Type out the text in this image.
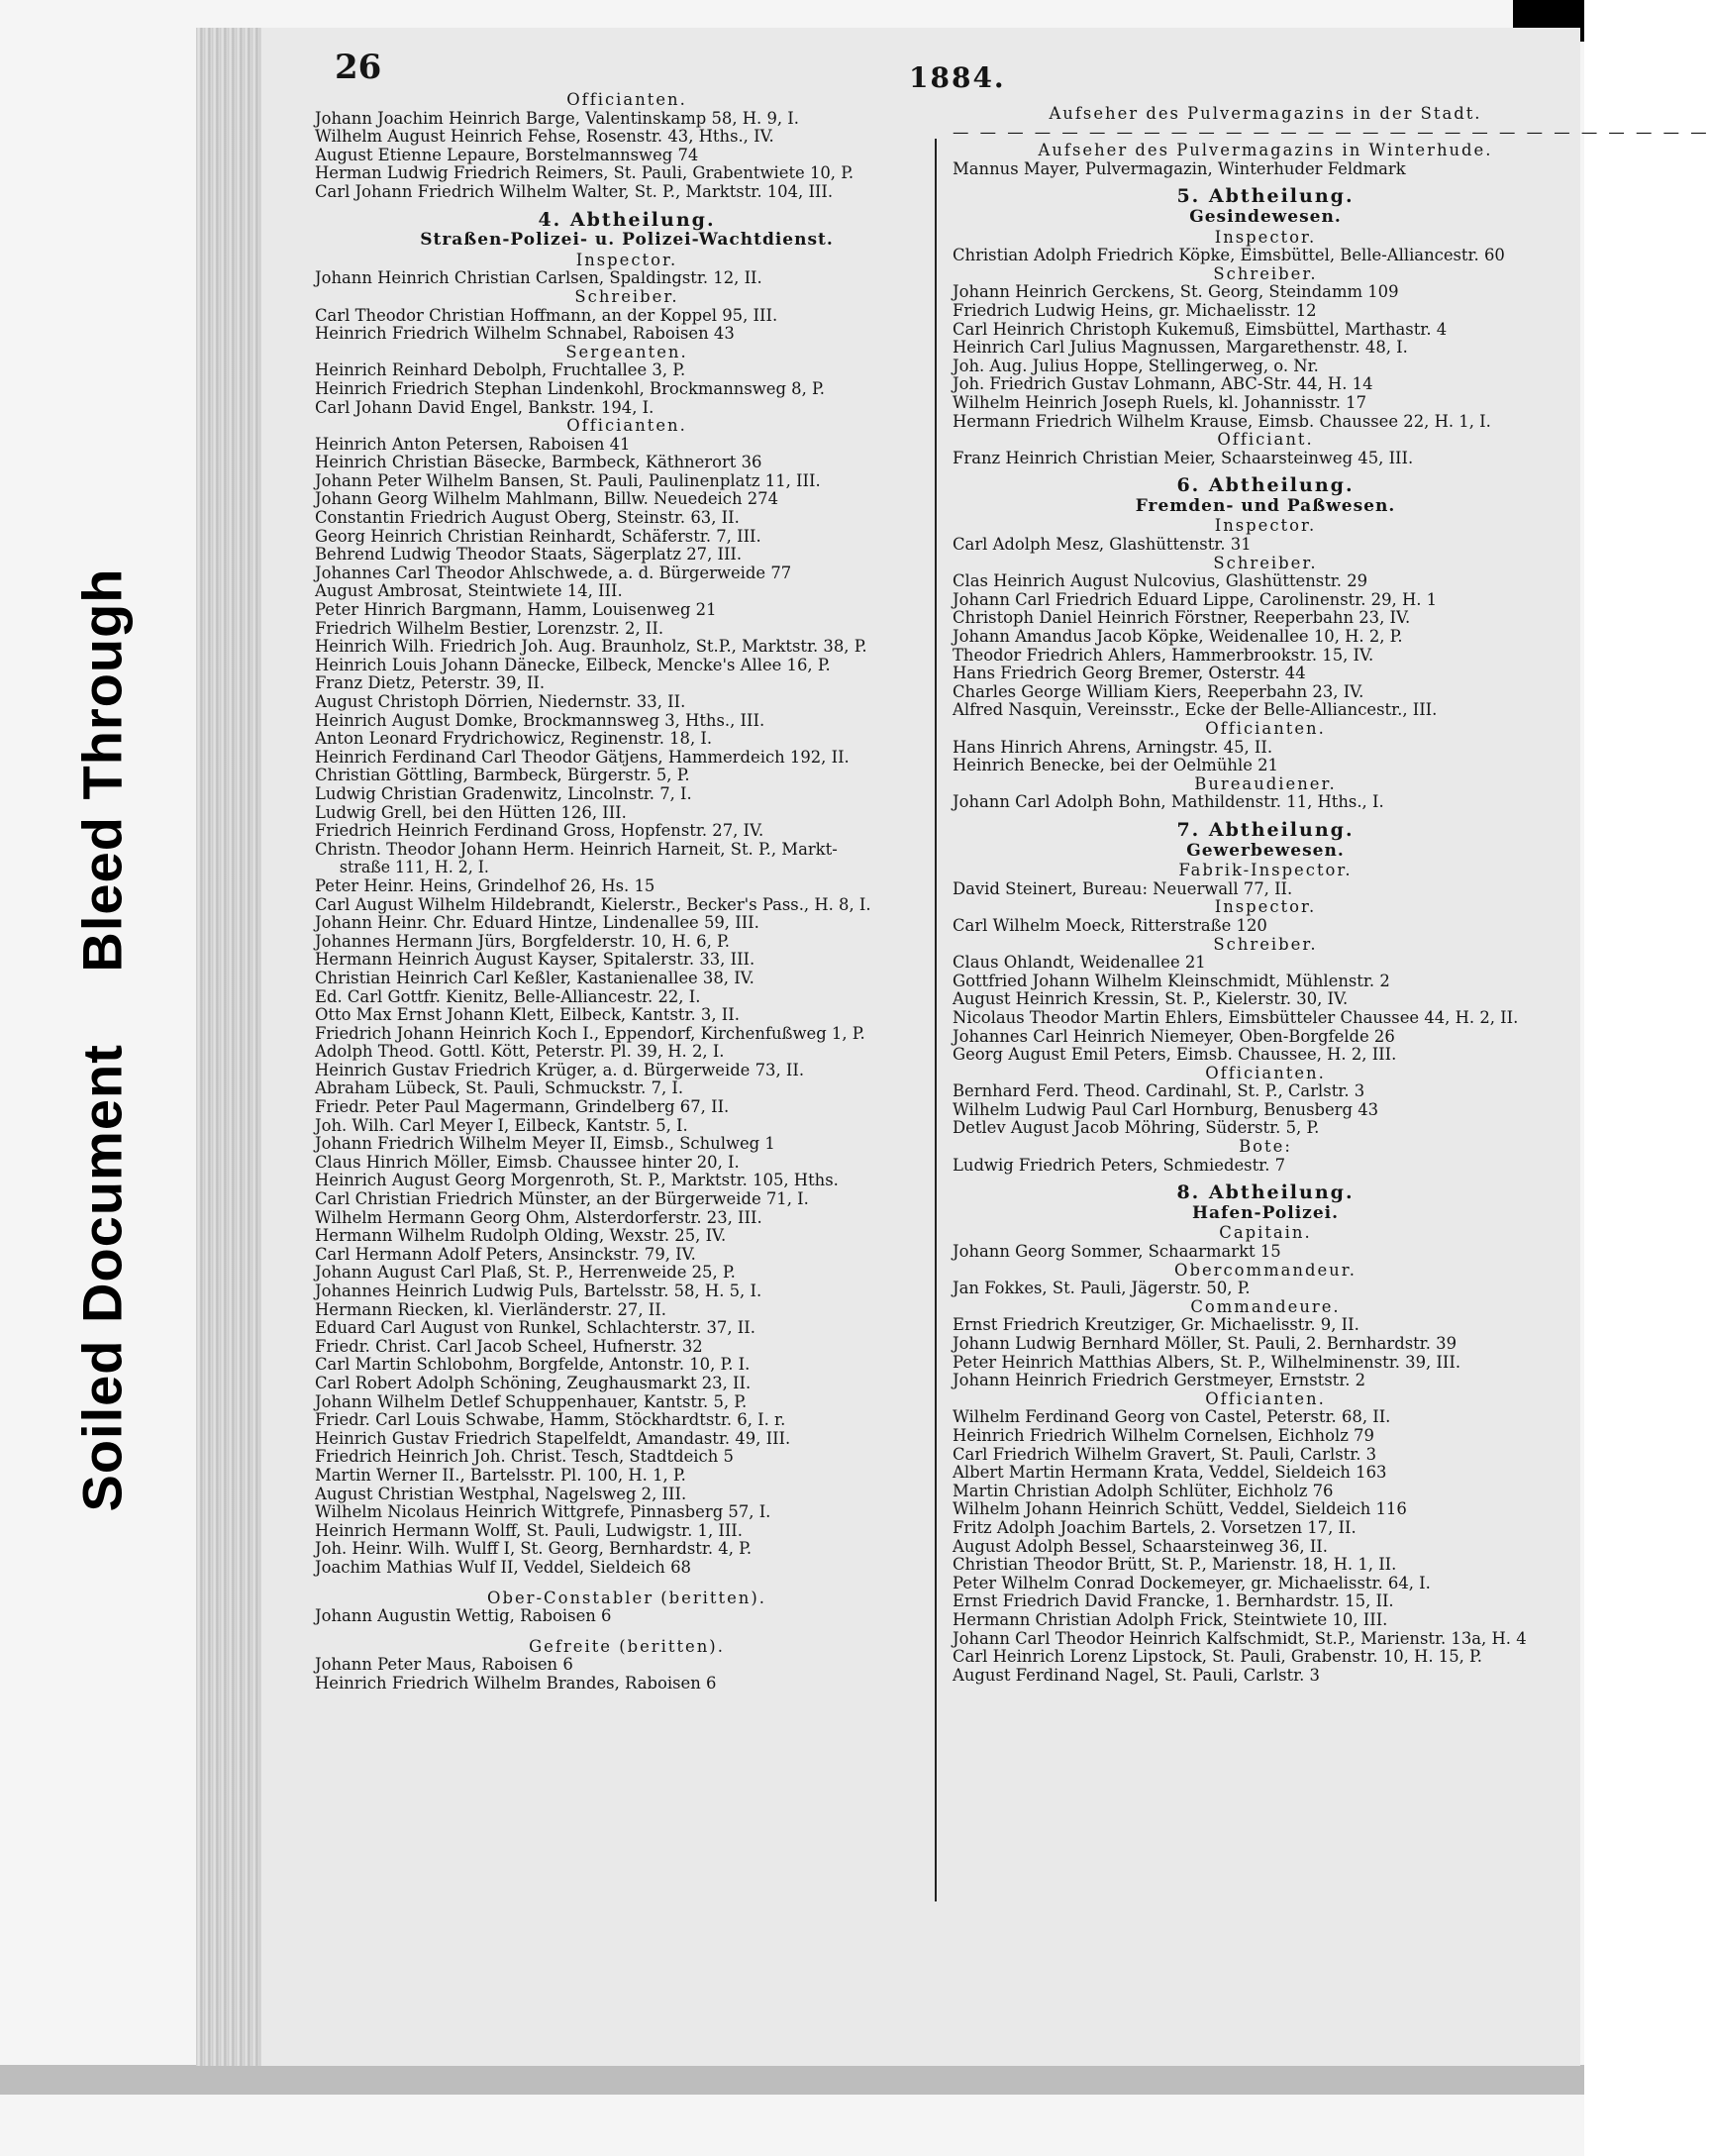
Soiled Document Bleed Through
26	1884.
Officianten.
Johann Joachim Heinrich Barge, Valentinskamp 58, H. 9, I.
Wilhelm August Heinrich Fehse, Rosenstr. 43, Hths., IV.
August Etienne Lepaure, Borstelmannsweg 74
Herman Ludwig Friedrich Reimers, St. Pauli, Grabentwiete 10, P.
Carl Johann Friedrich Wilhelm Walter, St. P., Marktstr. 104, III.
4. Abtheilung.
Straßen-Polizei- u. Polizei-Wachtdienst.
Inspector.
Johann Heinrich Christian Carlsen, Spaldingstr. 12, II.
Schreiber.
Carl Theodor Christian Hoffmann, an der Koppel 95, III.
Heinrich Friedrich Wilhelm Schnabel, Raboisen 43
Sergeanten.
Heinrich Reinhard Debolph, Fruchtallee 3, P.
Heinrich Friedrich Stephan Lindenkohl, Brockmannsweg 8, P.
Carl Johann David Engel, Bankstr. 194, I.
Officianten.
Heinrich Anton Petersen, Raboisen 41
Heinrich Christian Bäsecke, Barmbeck, Käthnerort 36
Johann Peter Wilhelm Bansen, St. Pauli, Paulinenplatz 11, III.
Johann Georg Wilhelm Mahlmann, Billw. Neuedeich 274
Constantin Friedrich August Oberg, Steinstr. 63, II.
Georg Heinrich Christian Reinhardt, Schäferstr. 7, III.
Behrend Ludwig Theodor Staats, Sägerplatz 27, III.
Johannes Carl Theodor Ahlschwede, a. d. Bürgerweide 77
August Ambrosat, Steintwiete 14, III.
Peter Hinrich Bargmann, Hamm, Louisenweg 21
Friedrich Wilhelm Bestier, Lorenzstr. 2, II.
Heinrich Wilh. Friedrich Joh. Aug. Braunholz, St.P., Marktstr. 38, P.
Heinrich Louis Johann Dänecke, Eilbeck, Mencke's Allee 16, P.
Franz Dietz, Peterstr. 39, II.
August Christoph Dörrien, Niedernstr. 33, II.
Heinrich August Domke, Brockmannsweg 3, Hths., III.
Anton Leonard Frydrichowicz, Reginenstr. 18, I.
Heinrich Ferdinand Carl Theodor Gätjens, Hammerdeich 192, II.
Christian Göttling, Barmbeck, Bürgerstr. 5, P.
Ludwig Christian Gradenwitz, Lincolnstr. 7, I.
Ludwig Grell, bei den Hütten 126, III.
Friedrich Heinrich Ferdinand Gross, Hopfenstr. 27, IV.
Christn. Theodor Johann Herm. Heinrich Harneit, St. P., Markt-
straße 111, H. 2, I.
Peter Heinr. Heins, Grindelhof 26, Hs. 15
Carl August Wilhelm Hildebrandt, Kielerstr., Becker's Pass., H. 8, I.
Johann Heinr. Chr. Eduard Hintze, Lindenallee 59, III.
Johannes Hermann Jürs, Borgfelderstr. 10, H. 6, P.
Hermann Heinrich August Kayser, Spitalerstr. 33, III.
Christian Heinrich Carl Keßler, Kastanienallee 38, IV.
Ed. Carl Gottfr. Kienitz, Belle-Alliancestr. 22, I.
Otto Max Ernst Johann Klett, Eilbeck, Kantstr. 3, II.
Friedrich Johann Heinrich Koch I., Eppendorf, Kirchenfußweg 1, P.
Adolph Theod. Gottl. Kött, Peterstr. Pl. 39, H. 2, I.
Heinrich Gustav Friedrich Krüger, a. d. Bürgerweide 73, II.
Abraham Lübeck, St. Pauli, Schmuckstr. 7, I.
Friedr. Peter Paul Magermann, Grindelberg 67, II.
Joh. Wilh. Carl Meyer I, Eilbeck, Kantstr. 5, I.
Johann Friedrich Wilhelm Meyer II, Eimsb., Schulweg 1
Claus Hinrich Möller, Eimsb. Chaussee hinter 20, I.
Heinrich August Georg Morgenroth, St. P., Marktstr. 105, Hths.
Carl Christian Friedrich Münster, an der Bürgerweide 71, I.
Wilhelm Hermann Georg Ohm, Alsterdorferstr. 23, III.
Hermann Wilhelm Rudolph Olding, Wexstr. 25, IV.
Carl Hermann Adolf Peters, Ansinckstr. 79, IV.
Johann August Carl Plaß, St. P., Herrenweide 25, P.
Johannes Heinrich Ludwig Puls, Bartelsstr. 58, H. 5, I.
Hermann Riecken, kl. Vierländerstr. 27, II.
Eduard Carl August von Runkel, Schlachterstr. 37, II.
Friedr. Christ. Carl Jacob Scheel, Hufnerstr. 32
Carl Martin Schlobohm, Borgfelde, Antonstr. 10, P. I.
Carl Robert Adolph Schöning, Zeughausmarkt 23, II.
Johann Wilhelm Detlef Schuppenhauer, Kantstr. 5, P.
Friedr. Carl Louis Schwabe, Hamm, Stöckhardtstr. 6, I. r.
Heinrich Gustav Friedrich Stapelfeldt, Amandastr. 49, III.
Friedrich Heinrich Joh. Christ. Tesch, Stadtdeich 5
Martin Werner II., Bartelsstr. Pl. 100, H. 1, P.
August Christian Westphal, Nagelsweg 2, III.
Wilhelm Nicolaus Heinrich Wittgrefe, Pinnasberg 57, I.
Heinrich Hermann Wolff, St. Pauli, Ludwigstr. 1, III.
Joh. Heinr. Wilh. Wulff I, St. Georg, Bernhardstr. 4, P.
Joachim Mathias Wulf II, Veddel, Sieldeich 68
Ober-Constabler (beritten).
Johann Augustin Wettig, Raboisen 6
Gefreite (beritten).
Johann Peter Maus, Raboisen 6
Heinrich Friedrich Wilhelm Brandes, Raboisen 6
Aufseher des Pulvermagazins in der Stadt.
— — — — — — — — — — — — — — — — — — — — — — — — — — — —
Aufseher des Pulvermagazins in Winterhude.
Mannus Mayer, Pulvermagazin, Winterhuder Feldmark
5. Abtheilung.
Gesindewesen.
Inspector.
Christian Adolph Friedrich Köpke, Eimsbüttel, Belle-Alliancestr. 60
Schreiber.
Johann Heinrich Gerckens, St. Georg, Steindamm 109
Friedrich Ludwig Heins, gr. Michaelisstr. 12
Carl Heinrich Christoph Kukemuß, Eimsbüttel, Marthastr. 4
Heinrich Carl Julius Magnussen, Margarethenstr. 48, I.
Joh. Aug. Julius Hoppe, Stellingerweg, o. Nr.
Joh. Friedrich Gustav Lohmann, ABC-Str. 44, H. 14
Wilhelm Heinrich Joseph Ruels, kl. Johannisstr. 17
Hermann Friedrich Wilhelm Krause, Eimsb. Chaussee 22, H. 1, I.
Officiant.
Franz Heinrich Christian Meier, Schaarsteinweg 45, III.
6. Abtheilung.
Fremden- und Paßwesen.
Inspector.
Carl Adolph Mesz, Glashüttenstr. 31
Schreiber.
Clas Heinrich August Nulcovius, Glashüttenstr. 29
Johann Carl Friedrich Eduard Lippe, Carolinenstr. 29, H. 1
Christoph Daniel Heinrich Förstner, Reeperbahn 23, IV.
Johann Amandus Jacob Köpke, Weidenallee 10, H. 2, P.
Theodor Friedrich Ahlers, Hammerbrookstr. 15, IV.
Hans Friedrich Georg Bremer, Osterstr. 44
Charles George William Kiers, Reeperbahn 23, IV.
Alfred Nasquin, Vereinsstr., Ecke der Belle-Alliancestr., III.
Officianten.
Hans Hinrich Ahrens, Arningstr. 45, II.
Heinrich Benecke, bei der Oelmühle 21
Bureaudiener.
Johann Carl Adolph Bohn, Mathildenstr. 11, Hths., I.
7. Abtheilung.
Gewerbewesen.
Fabrik-Inspector.
David Steinert, Bureau: Neuerwall 77, II.
Inspector.
Carl Wilhelm Moeck, Ritterstraße 120
Schreiber.
Claus Ohlandt, Weidenallee 21
Gottfried Johann Wilhelm Kleinschmidt, Mühlenstr. 2
August Heinrich Kressin, St. P., Kielerstr. 30, IV.
Nicolaus Theodor Martin Ehlers, Eimsbütteler Chaussee 44, H. 2, II.
Johannes Carl Heinrich Niemeyer, Oben-Borgfelde 26
Georg August Emil Peters, Eimsb. Chaussee, H. 2, III.
Officianten.
Bernhard Ferd. Theod. Cardinahl, St. P., Carlstr. 3
Wilhelm Ludwig Paul Carl Hornburg, Benusberg 43
Detlev August Jacob Möhring, Süderstr. 5, P.
Bote:
Ludwig Friedrich Peters, Schmiedestr. 7
8. Abtheilung.
Hafen-Polizei.
Capitain.
Johann Georg Sommer, Schaarmarkt 15
Obercommandeur.
Jan Fokkes, St. Pauli, Jägerstr. 50, P.
Commandeure.
Ernst Friedrich Kreutziger, Gr. Michaelisstr. 9, II.
Johann Ludwig Bernhard Möller, St. Pauli, 2. Bernhardstr. 39
Peter Heinrich Matthias Albers, St. P., Wilhelminenstr. 39, III.
Johann Heinrich Friedrich Gerstmeyer, Ernststr. 2
Officianten.
Wilhelm Ferdinand Georg von Castel, Peterstr. 68, II.
Heinrich Friedrich Wilhelm Cornelsen, Eichholz 79
Carl Friedrich Wilhelm Gravert, St. Pauli, Carlstr. 3
Albert Martin Hermann Krata, Veddel, Sieldeich 163
Martin Christian Adolph Schlüter, Eichholz 76
Wilhelm Johann Heinrich Schütt, Veddel, Sieldeich 116
Fritz Adolph Joachim Bartels, 2. Vorsetzen 17, II.
August Adolph Bessel, Schaarsteinweg 36, II.
Christian Theodor Brütt, St. P., Marienstr. 18, H. 1, II.
Peter Wilhelm Conrad Dockemeyer, gr. Michaelisstr. 64, I.
Ernst Friedrich David Francke, 1. Bernhardstr. 15, II.
Hermann Christian Adolph Frick, Steintwiete 10, III.
Johann Carl Theodor Heinrich Kalfschmidt, St.P., Marienstr. 13a, H. 4
Carl Heinrich Lorenz Lipstock, St. Pauli, Grabenstr. 10, H. 15, P.
August Ferdinand Nagel, St. Pauli, Carlstr. 3
